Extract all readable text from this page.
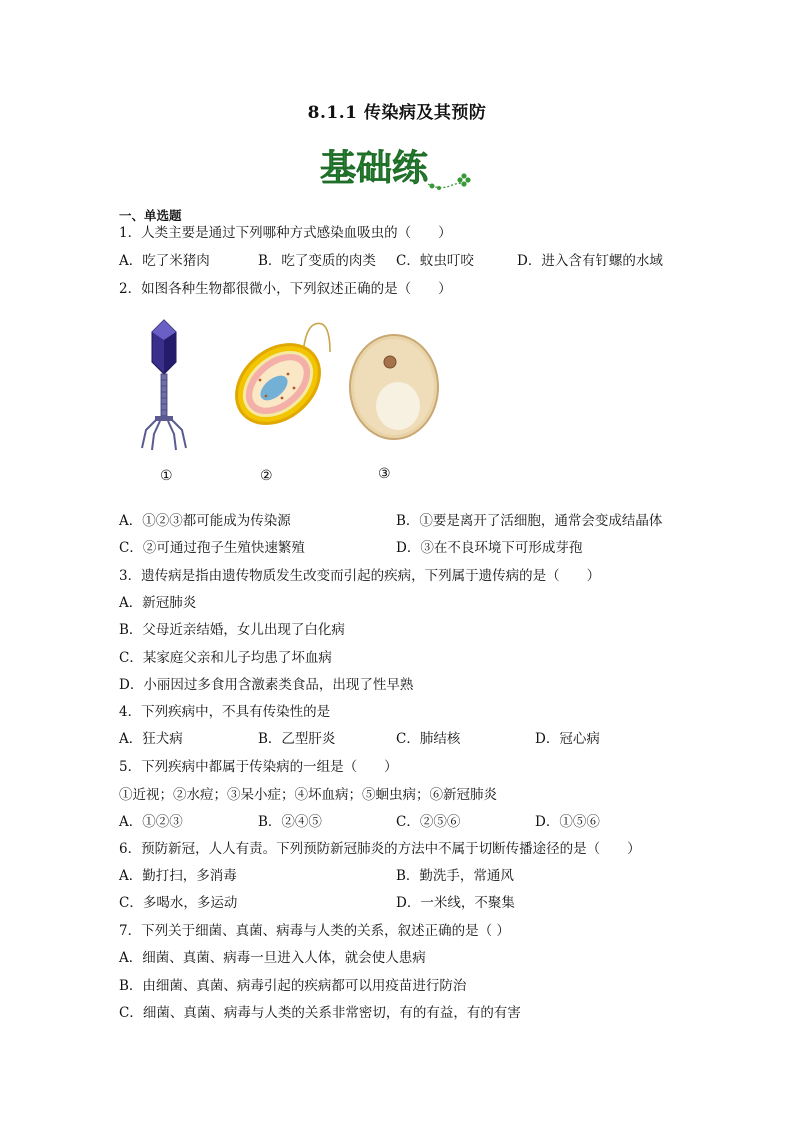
8.1.1 传染病及其预防
基础练
一、单选题
1．人类主要是通过下列哪种方式感染血吸虫的（　　）
A．吃了米猪肉	B．吃了变质的肉类 C．蚊虫叮咬	D．进入含有钉螺的水域
2．如图各种生物都很微小，下列叙述正确的是（　　）
①	②	③
A．①②③都可能成为传染源	B．①要是离开了活细胞，通常会变成结晶体
C．②可通过孢子生殖快速繁殖	D．③在不良环境下可形成芽孢
3．遗传病是指由遗传物质发生改变而引起的疾病，下列属于遗传病的是（　　）
A．新冠肺炎
B．父母近亲结婚，女儿出现了白化病
C．某家庭父亲和儿子均患了坏血病
D．小丽因过多食用含激素类食品，出现了性早熟
4．下列疾病中，不具有传染性的是
A．狂犬病	B．乙型肝炎	C．肺结核	D．冠心病
5．下列疾病中都属于传染病的一组是（　　）
①近视；②水痘；③呆小症；④坏血病；⑤蛔虫病；⑥新冠肺炎
A．①②③	B．②④⑤	C．②⑤⑥	D．①⑤⑥
6．预防新冠，人人有责。下列预防新冠肺炎的方法中不属于切断传播途径的是（　　）
A．勤打扫，多消毒	B．勤洗手，常通风
C．多喝水，多运动	D．一米线，不聚集
7．下列关于细菌、真菌、病毒与人类的关系，叙述正确的是（ ）
A．细菌、真菌、病毒一旦进入人体，就会使人患病
B．由细菌、真菌、病毒引起的疾病都可以用疫苗进行防治
C．细菌、真菌、病毒与人类的关系非常密切，有的有益，有的有害
